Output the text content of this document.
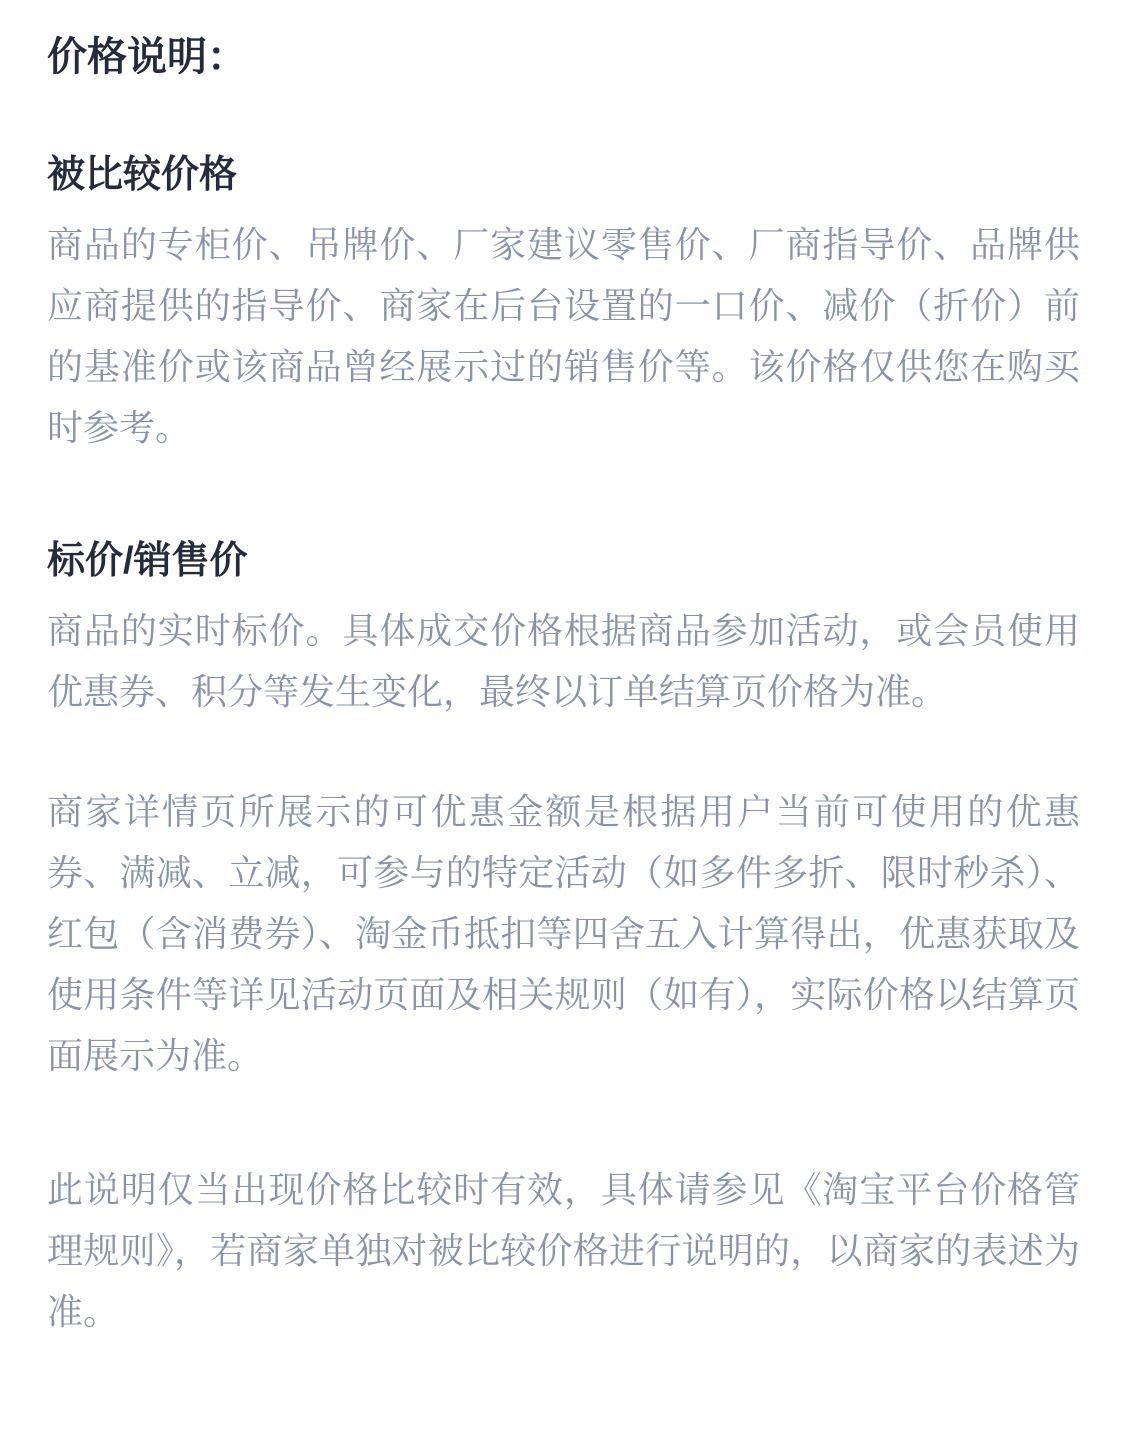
价格说明：

被比较价格

商品的专柜价、吊牌价、厂家建议零售价、厂商指导价、品牌供应商提供的指导价、商家在后台设置的一口价、减价（折价）前的基准价或该商品曾经展示过的销售价等。该价格仅供您在购买时参考。

标价/销售价

商品的实时标价。具体成交价格根据商品参加活动，或会员使用优惠券、积分等发生变化，最终以订单结算页价格为准。

商家详情页所展示的可优惠金额是根据用户当前可使用的优惠券、满减、立减，可参与的特定活动（如多件多折、限时秒杀）、红包（含消费券）、淘金币抵扣等四舍五入计算得出，优惠获取及使用条件等详见活动页面及相关规则（如有），实际价格以结算页面展示为准。

此说明仅当出现价格比较时有效，具体请参见《淘宝平台价格管理规则》，若商家单独对被比较价格进行说明的，以商家的表述为准。
